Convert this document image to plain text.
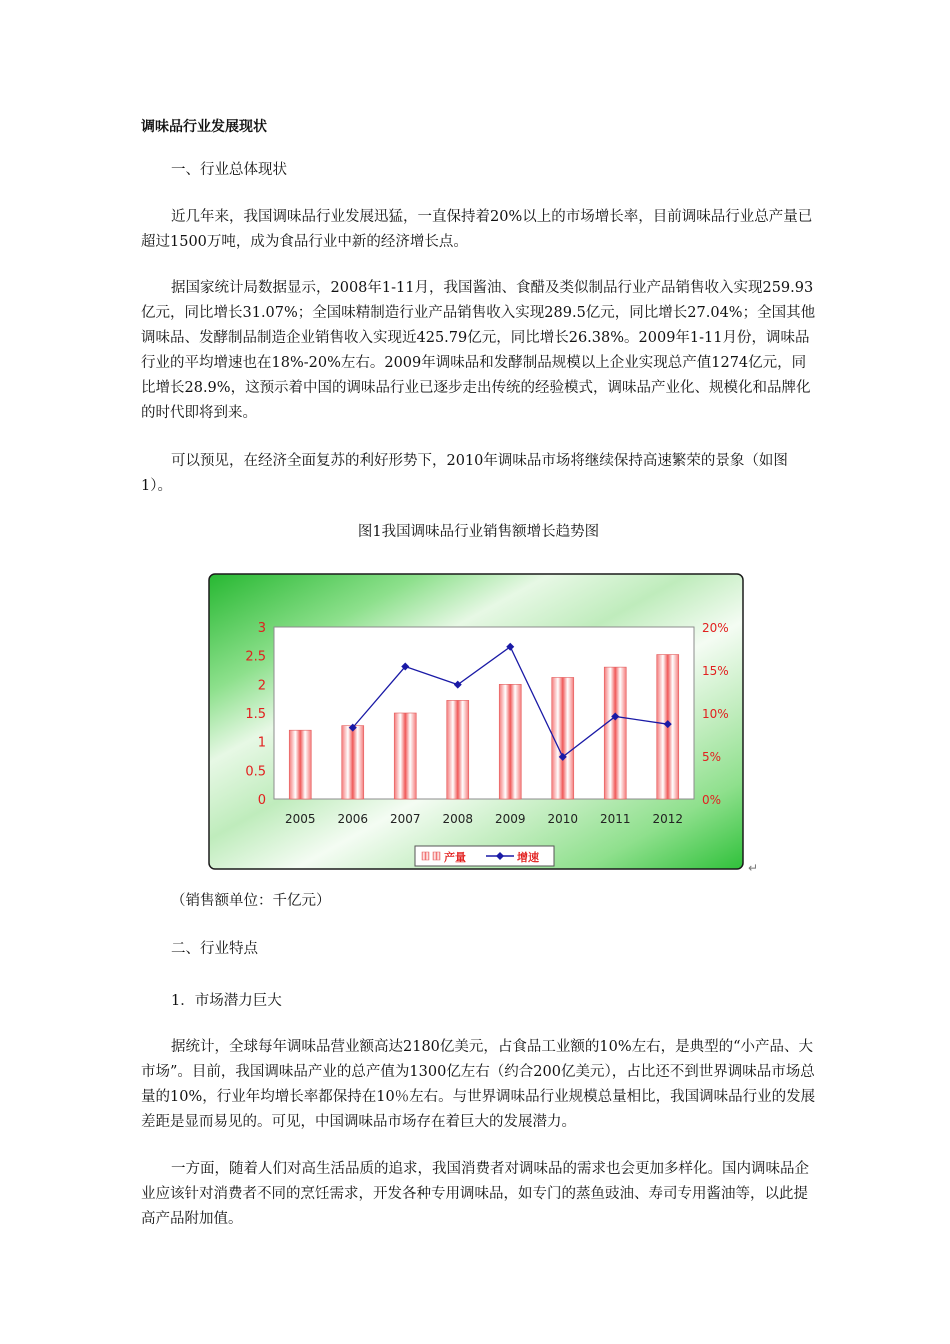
调味品行业发展现状

一、行业总体现状

近几年来，我国调味品行业发展迅猛，一直保持着20%以上的市场增长率，目前调味品行业总产量已超过1500万吨，成为食品行业中新的经济增长点。

据国家统计局数据显示，2008年1-11月，我国酱油、食醋及类似制品行业产品销售收入实现259.93亿元，同比增长31.07%；全国味精制造行业产品销售收入实现289.5亿元，同比增长27.04%；全国其他调味品、发酵制品制造企业销售收入实现近425.79亿元，同比增长26.38%。2009年1-11月份，调味品行业的平均增速也在18%-20%左右。2009年调味品和发酵制品规模以上企业实现总产值1274亿元，同比增长28.9%，这预示着中国的调味品行业已逐步走出传统的经验模式，调味品产业化、规模化和品牌化的时代即将到来。

可以预见，在经济全面复苏的利好形势下，2010年调味品市场将继续保持高速繁荣的景象（如图1）。

图1我国调味品行业销售额增长趋势图

0
0.5
1
1.5
2
2.5
3
0%
5%
10%
15%
20%
2005 2006 2007 2008 2009 2010 2011 2012
产量	增速
↵

（销售额单位：千亿元）

二、行业特点

1．市场潜力巨大

据统计，全球每年调味品营业额高达2180亿美元，占食品工业额的10%左右，是典型的“小产品、大市场”。目前，我国调味品产业的总产值为1300亿左右（约合200亿美元），占比还不到世界调味品市场总量的10%，行业年均增长率都保持在10％左右。与世界调味品行业规模总量相比，我国调味品行业的发展差距是显而易见的。可见，中国调味品市场存在着巨大的发展潜力。

一方面，随着人们对高生活品质的追求，我国消费者对调味品的需求也会更加多样化。国内调味品企业应该针对消费者不同的烹饪需求，开发各种专用调味品，如专门的蒸鱼豉油、寿司专用酱油等，以此提高产品附加值。
